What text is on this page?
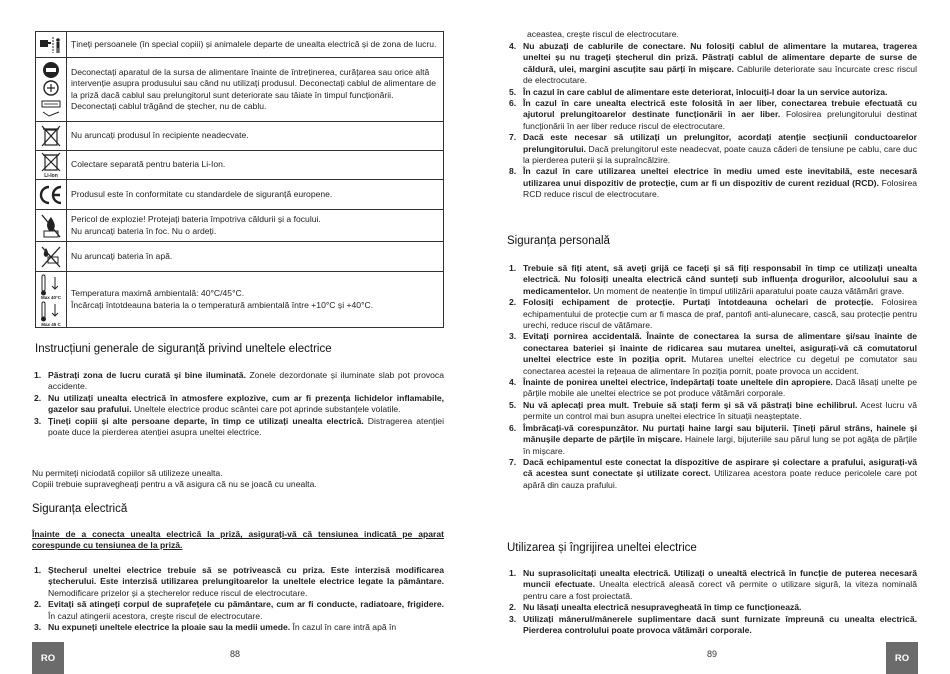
	Țineți persoanele (în special copiii) și animalele departe de unealta electrică și de zona de lucru.

	Deconectați aparatul de la sursa de alimentare înainte de întreținerea, curățarea sau orice altă intervenție asupra produsului sau când nu utilizați produsul. Deconectați cablul de alimentare de la priză dacă cablul sau prelungitorul sunt deteriorate sau tăiate în timpul funcționării. Deconectați cablul trăgând de ștecher, nu de cablu.

	Nu aruncați produsul în recipiente neadecvate.

Li-Ion	Colectare separată pentru bateria Li-Ion.

	Produsul este în conformitate cu standardele de siguranță europene.

	Pericol de explozie! Protejați bateria împotriva căldurii și a focului.
Nu aruncați bateria în foc. Nu o ardeți.

	Nu aruncați bateria în apă.

Max 40°C
Max 45 C	Temperatura maximă ambientală: 40°C/45°C.
Încărcați întotdeauna bateria la o temperatură ambientală între +10°C și +40°C.
Instrucțiuni generale de siguranță privind uneltele electrice
1. Păstrați zona de lucru curată și bine iluminată. Zonele dezordonate și iluminate slab pot provoca accidente.
2. Nu utilizați unealta electrică în atmosfere explozive, cum ar fi prezența lichidelor inflamabile, gazelor sau prafului. Uneltele electrice produc scântei care pot aprinde substanțele volatile.
3. Țineți copiii și alte persoane departe, în timp ce utilizați unealta electrică. Distragerea atenției poate duce la pierderea atenției asupra uneltei electrice.

Nu permiteți niciodată copiilor să utilizeze unealta.
Copiii trebuie supravegheați pentru a vă asigura că nu se joacă cu unealta.

Siguranța electrică

Înainte de a conecta unealta electrică la priză, asigurați-vă că tensiunea indicată pe aparat corespunde cu tensiunea de la priză.

1. Ștecherul uneltei electrice trebuie să se potrivească cu priza. Este interzisă modificarea ștecherului. Este interzisă utilizarea prelungitoarelor la uneltele electrice legate la pământare. Nemodificare prizelor și a ștecherelor reduce riscul de electrocutare.
2. Evitați să atingeți corpul de suprafețele cu pământare, cum ar fi conducte, radiatoare, frigidere. În cazul atingerii acestora, crește riscul de electrocutare.
3. Nu expuneți uneltele electrice la ploaie sau la medii umede. În cazul în care intră apă în
RO	88

aceastea, crește riscul de electrocutare.

4. Nu abuzați de cablurile de conectare. Nu folosiți cablul de alimentare la mutarea, tragerea uneltei șu nu trageți ștecherul din priză. Păstrați cablul de alimentare departe de surse de căldură, ulei, margini ascuțite sau părți în mișcare. Cablurile deteriorate sau încurcate cresc riscul de electrocutare.
5. În cazul în care cablul de alimentare este deteriorat, înlocuiți-l doar la un service autoriza.
6. În cazul în care unealta electrică este folosită în aer liber, conectarea trebuie efectuată cu ajutorul prelungitoarelor destinate funcționării în aer liber. Folosirea prelungitorului destinat funcționării în aer liber reduce riscul de electrocutare.
7. Dacă este necesar să utilizați un prelungitor, acordați atenție secțiunii conductoarelor prelungitorului. Dacă prelungitorul este neadecvat, poate cauza căderi de tensiune pe cablu, care duc la pierderea puterii și la supraîncălzire.
8. În cazul în care utilizarea uneltei electrice în mediu umed este inevitabilă, este necesară utilizarea unui dispozitiv de protecție, cum ar fi un dispozitiv de curent rezidual (RCD). Folosirea RCD reduce riscul de electrocutare.
Siguranța personală
1. Trebuie să fiți atent, să aveți grijă ce faceți și să fiți responsabil în timp ce utilizați unealta electrică. Nu folosiți unealta electrică când sunteți sub influența drogurilor, alcoolului sau a medicamentelor. Un moment de neatenție în timpul utilizării aparatului poate cauza vătămări grave.
2. Folosiți echipament de protecție. Purtați întotdeauna ochelari de protecție. Folosirea echipamentului de protecție cum ar fi masca de praf, pantofi anti-alunecare, cască, sau protecție pentru urechi, reduce riscul de vătămare.
3. Evitați pornirea accidentală. Înainte de conectarea la sursa de alimentare și/sau înainte de conectarea bateriei și înainte de ridicarea sau mutarea uneltei, asigurați-vă că comutatorul uneltei electrice este în poziția oprit. Mutarea uneltei electrice cu degetul pe comutator sau conectarea acestei la rețeaua de alimentare în poziția pornit, poate provoca un accident.
4. Înainte de ponirea uneltei electrice, îndepărtați toate uneltele din apropiere. Dacă lăsați unelte pe părțile mobile ale uneltei electrice se pot produce vătămări corporale.
5. Nu vă aplecați prea mult. Trebuie să stați ferm și să vă păstrați bine echilibrul. Acest lucru vă permite un control mai bun asupra uneltei electrice în situații neașteptate.
6. Îmbrăcați-vă corespunzător. Nu purtați haine largi sau bijuterii. Țineți părul strâns, hainele și mănușile departe de părțile în mișcare. Hainele largi, bijuteriile sau părul lung se pot agăța de părțile în mișcare.
7. Dacă echipamentul este conectat la dispozitive de aspirare și colectare a prafului, asigurați-vă că acestea sunt conectate și utilizate corect. Utilizarea acestora poate reduce pericolele care pot apără din cauza prafului.
Utilizarea și îngrijirea uneltei electrice
1. Nu suprasolicitați unealta electrică. Utilizați o unealtă electrică în funcție de puterea necesară muncii efectuate. Unealta electrică aleasă corect vă permite o utilizare sigură, la viteza nominală pentru care a fost proiectată.
2. Nu lăsați unealta electrică nesupravegheată în timp ce funcționează.
3. Utilizați mânerul/mânerele suplimentare dacă sunt furnizate împreună cu unealta electrică. Pierderea controlului poate provoca vătămări corporale.
89	RO
